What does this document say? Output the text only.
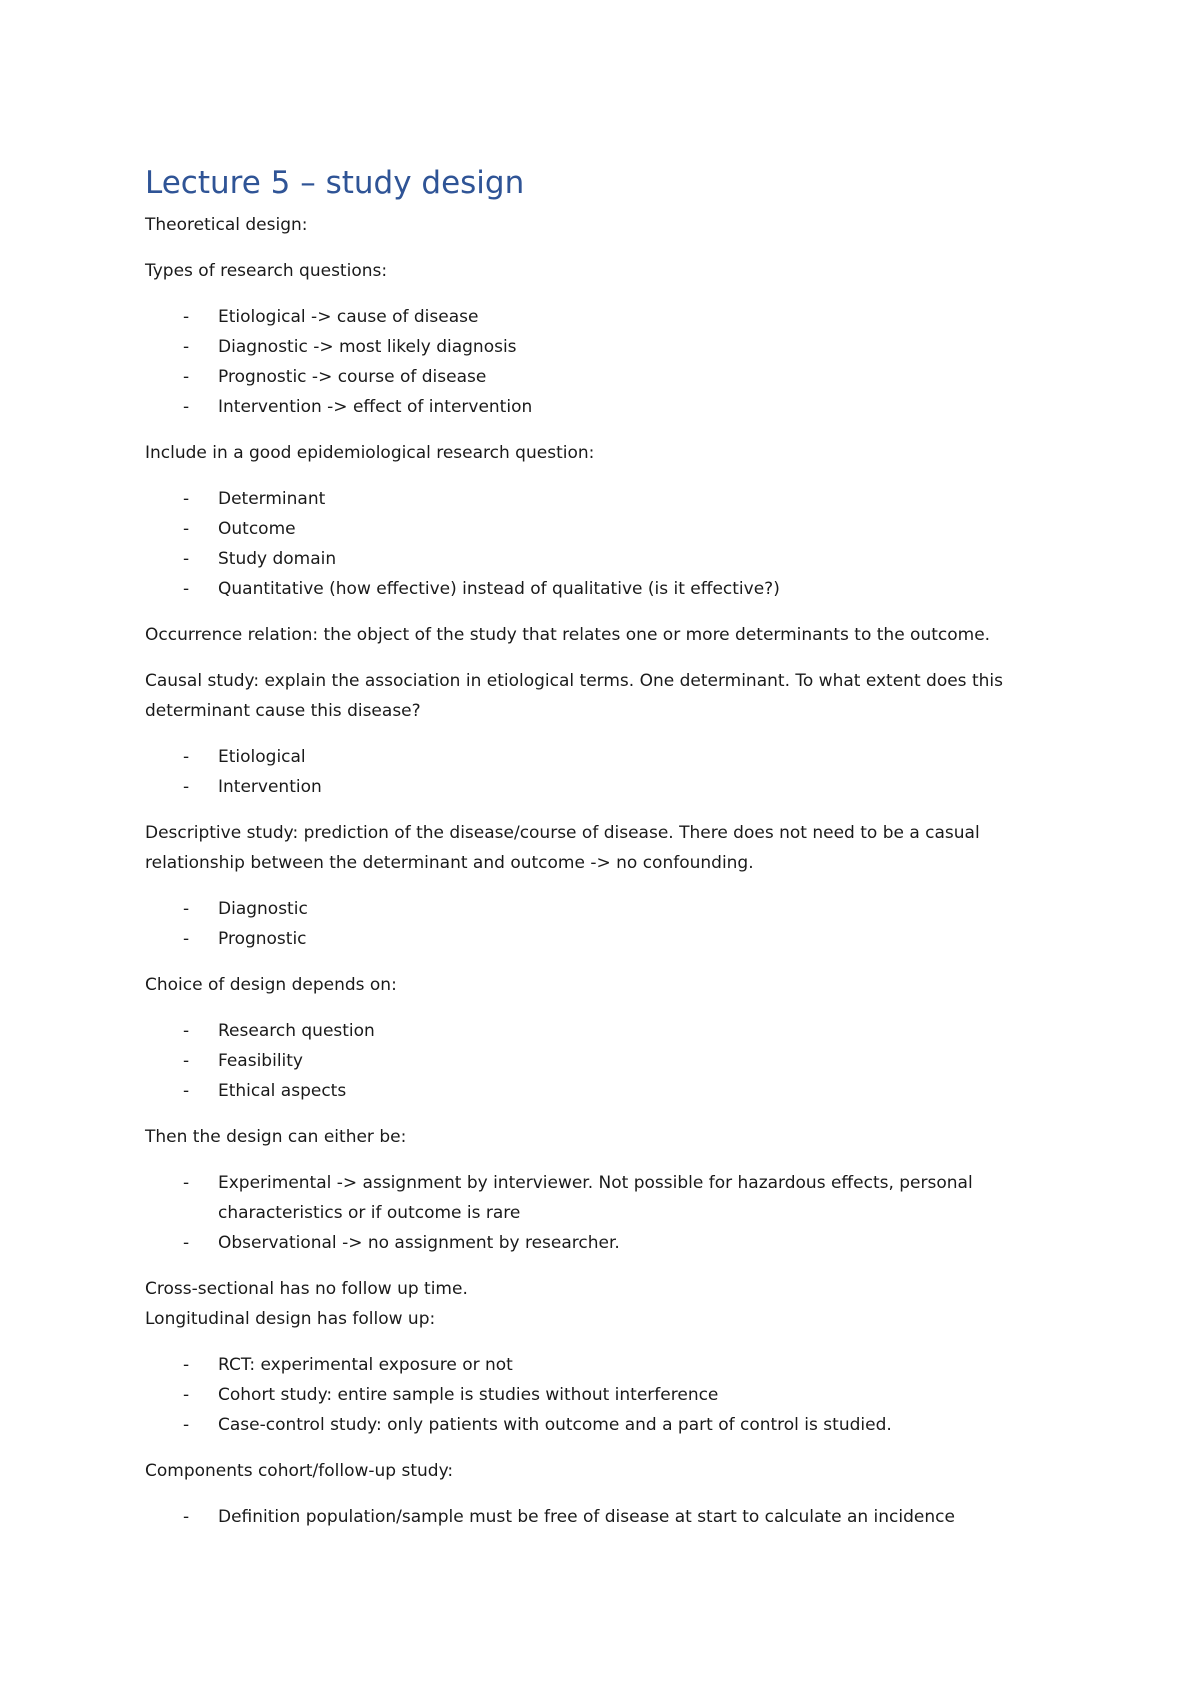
Lecture 5 – study design

Theoretical design:

Types of research questions:

- Etiological -> cause of disease
- Diagnostic -> most likely diagnosis
- Prognostic -> course of disease
- Intervention -> effect of intervention

Include in a good epidemiological research question:

- Determinant
- Outcome
- Study domain
- Quantitative (how effective) instead of qualitative (is it effective?)

Occurrence relation: the object of the study that relates one or more determinants to the outcome.

Causal study: explain the association in etiological terms. One determinant. To what extent does this determinant cause this disease?

- Etiological
- Intervention

Descriptive study: prediction of the disease/course of disease. There does not need to be a casual relationship between the determinant and outcome -> no confounding.

- Diagnostic
- Prognostic

Choice of design depends on:

- Research question
- Feasibility
- Ethical aspects

Then the design can either be:

- Experimental -> assignment by interviewer. Not possible for hazardous effects, personal characteristics or if outcome is rare
- Observational -> no assignment by researcher.

Cross-sectional has no follow up time.

Longitudinal design has follow up:

- RCT: experimental exposure or not
- Cohort study: entire sample is studies without interference
- Case-control study: only patients with outcome and a part of control is studied.

Components cohort/follow-up study:

- Definition population/sample must be free of disease at start to calculate an incidence
